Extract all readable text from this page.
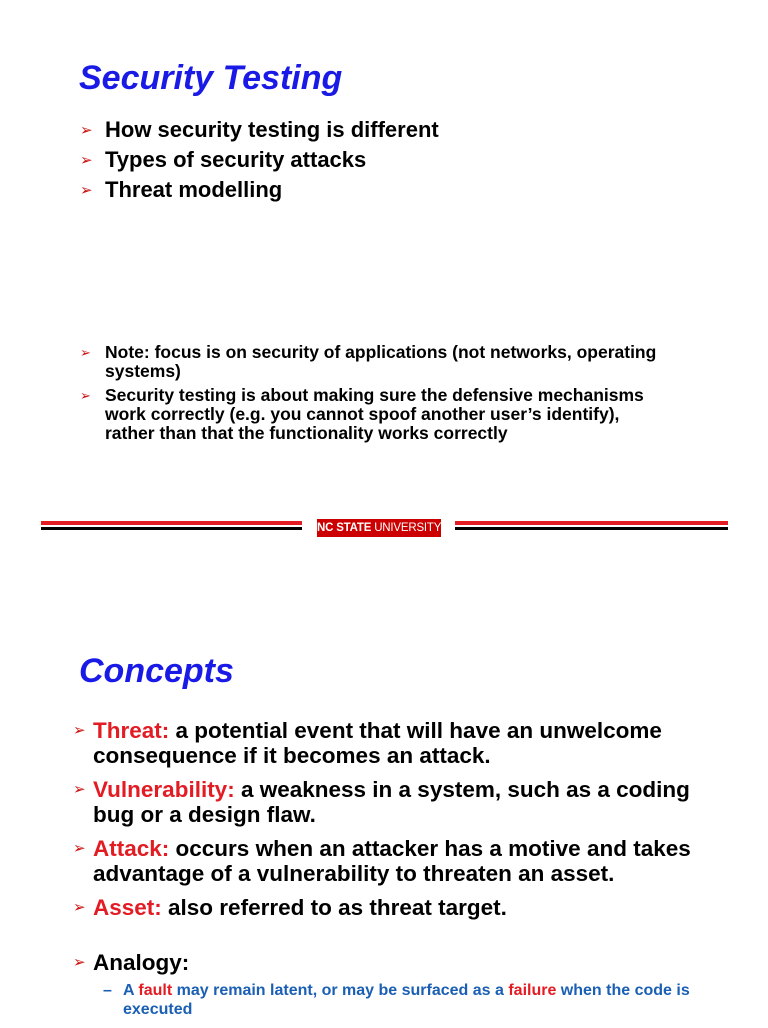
Security Testing
➢ How security testing is different
➢ Types of security attacks
➢ Threat modelling
➢ Note: focus is on security of applications (not networks, operating systems)
➢ Security testing is about making sure the defensive mechanisms work correctly (e.g. you cannot spoof another user’s identify), rather than that the functionality works correctly
NC STATE UNIVERSITY
Concepts
➢ Threat: a potential event that will have an unwelcome consequence if it becomes an attack.
➢ Vulnerability: a weakness in a system, such as a coding bug or a design flaw.
➢ Attack: occurs when an attacker has a motive and takes advantage of a vulnerability to threaten an asset.
➢ Asset: also referred to as threat target.
➢ Analogy:
– A fault may remain latent, or may be surfaced as a failure when the code is executed
